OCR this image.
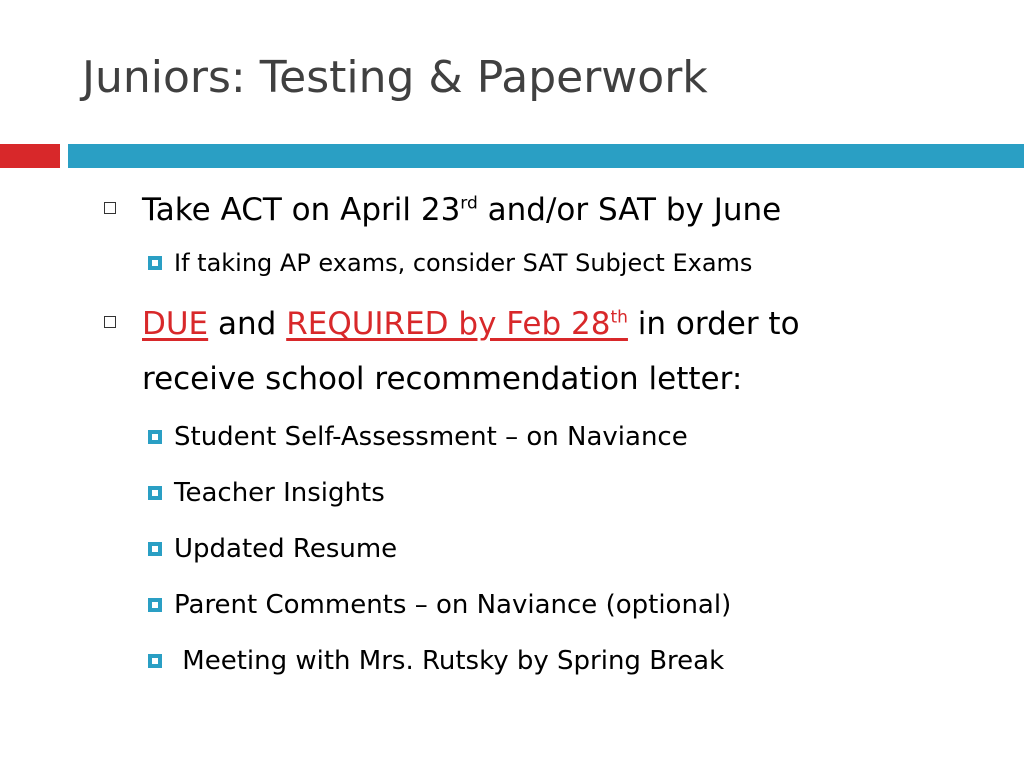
Juniors: Testing & Paperwork
Take ACT on April 23rd and/or SAT by June
If taking AP exams, consider SAT Subject Exams
DUE and REQUIRED by Feb 28th in order to
receive school recommendation letter:
Student Self-Assessment – on Naviance
Teacher Insights
Updated Resume
Parent Comments – on Naviance (optional)
Meeting with Mrs. Rutsky by Spring Break
